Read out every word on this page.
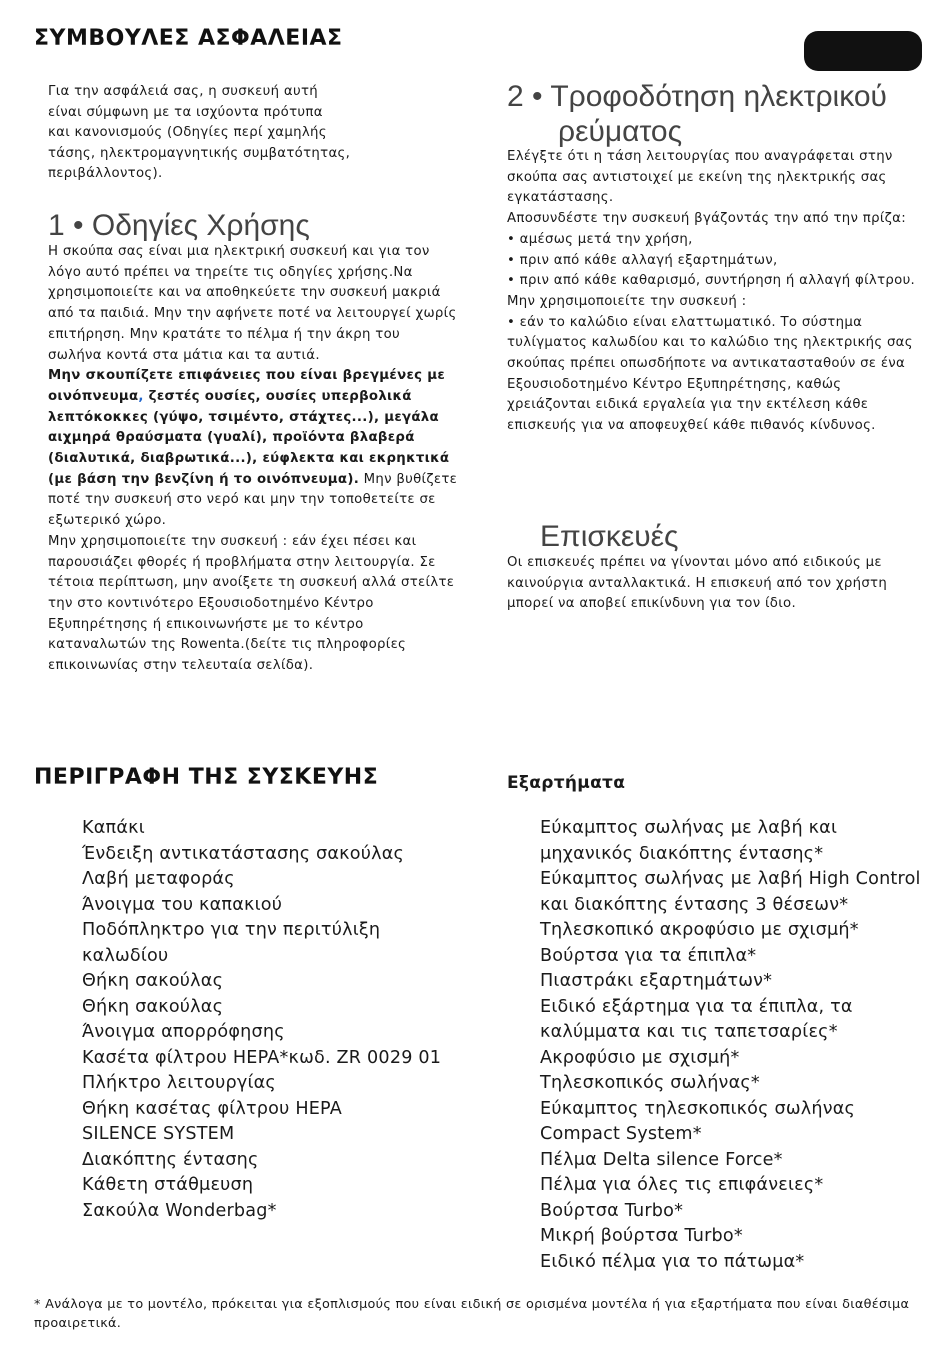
ΣΥΜΒΟΥΛΕΣ ΑΣΦΑΛΕΙΑΣ
Για την ασφάλειά σας, η συσκευή αυτή
είναι σύμφωνη με τα ισχύοντα πρότυπα
και κανονισμούς (Οδηγίες περί χαμηλής
τάσης, ηλεκτρομαγνητικής συμβατότητας,
περιβάλλοντος).
1 • Οδηγίες Χρήσης

Η σκούπα σας είναι μια ηλεκτρική συσκευή και για τον λόγο αυτό πρέπει να τηρείτε τις οδηγίες χρήσης.Να χρησιμοποιείτε και να αποθηκεύετε την συσκευή μακριά από τα παιδιά. Μην την αφήνετε ποτέ να λειτουργεί χωρίς επιτήρηση. Μην κρατάτε το πέλμα ή την άκρη του σωλήνα κοντά στα μάτια και τα αυτιά.

Μην σκουπίζετε επιφάνειες που είναι βρεγμένες με οινόπνευμα, ζεστές ουσίες, ουσίες υπερβολικά λεπτόκοκκες (γύψο, τσιμέντο, στάχτες...), μεγάλα αιχμηρά θραύσματα (γυαλί), προϊόντα βλαβερά (διαλυτικά, διαβρωτικά...), εύφλεκτα και εκρηκτικά (με βάση την βενζίνη ή το οινόπνευμα). Μην βυθίζετε ποτέ την συσκευή στο νερό και μην την τοποθετείτε σε εξωτερικό χώρο.

Μην χρησιμοποιείτε την συσκευή : εάν έχει πέσει και παρουσιάζει φθορές ή προβλήματα στην λειτουργία. Σε τέτοια περίπτωση, μην ανοίξετε τη συσκευή αλλά στείλτε την στο κοντινότερο Εξουσιοδοτημένο Κέντρο Εξυπηρέτησης ή επικοινωνήστε με το κέντρο καταναλωτών της Rowenta.(δείτε τις πληροφορίες επικοινωνίας στην τελευταία σελίδα).

2 • Τροφοδότηση ηλεκτρικού
ρεύματος

Ελέγξτε ότι η τάση λειτουργίας που αναγράφεται στην σκούπα σας αντιστοιχεί με εκείνη της ηλεκτρικής σας εγκατάστασης.

Αποσυνδέστε την συσκευή βγάζοντάς την από την πρίζα:

• αμέσως μετά την χρήση,

• πριν από κάθε αλλαγή εξαρτημάτων,

• πριν από κάθε καθαρισμό, συντήρηση ή αλλαγή φίλτρου.

Μην χρησιμοποιείτε την συσκευή :

• εάν το καλώδιο είναι ελαττωματικό. Το σύστημα τυλίγματος καλωδίου και το καλώδιο της ηλεκτρικής σας σκούπας πρέπει οπωσδήποτε να αντικατασταθούν σε ένα Εξουσιοδοτημένο Κέντρο Εξυπηρέτησης, καθώς χρειάζονται ειδικά εργαλεία για την εκτέλεση κάθε επισκευής για να αποφευχθεί κάθε πιθανός κίνδυνος.

Επισκευές
Οι επισκευές πρέπει να γίνονται μόνο από ειδικούς με καινούργια ανταλλακτικά. Η επισκευή από τον χρήστη μπορεί να αποβεί επικίνδυνη για τον ίδιο.
ΠΕΡΙΓΡΑΦΗ ΤΗΣ ΣΥΣΚΕΥΗΣ
Καπάκι
Ένδειξη αντικατάστασης σακούλας
Λαβή μεταφοράς
Άνοιγμα του καπακιού
Ποδόπληκτρο για την περιτύλιξη
καλωδίου
Θήκη σακούλας
Θήκη σακούλας
Άνοιγμα απορρόφησης
Κασέτα φίλτρου HEPA*κωδ. ZR 0029 01
Πλήκτρο λειτουργίας
Θήκη κασέτας φίλτρου HEPA
SILENCE SYSTEM
Διακόπτης έντασης
Κάθετη στάθμευση
Σακούλα Wonderbag*
Εξαρτήματα
Εύκαμπτος σωλήνας με λαβή και
μηχανικός διακόπτης έντασης*
Εύκαμπτος σωλήνας με λαβή High Control
και διακόπτης έντασης 3 θέσεων*
Τηλεσκοπικό ακροφύσιο με σχισμή*
Βούρτσα για τα έπιπλα*
Πιαστράκι εξαρτημάτων*
Ειδικό εξάρτημα για τα έπιπλα, τα
καλύμματα και τις ταπετσαρίες*
Ακροφύσιο με σχισμή*
Τηλεσκοπικός σωλήνας*
Εύκαμπτος τηλεσκοπικός σωλήνας
Compact System*
Πέλμα Delta silence Force*
Πέλμα για όλες τις επιφάνειες*
Βούρτσα Turbo*
Μικρή βούρτσα Turbo*
Ειδικό πέλμα για το πάτωμα*
* Ανάλογα με το μοντέλο, πρόκειται για εξοπλισμούς που είναι ειδική σε ορισμένα μοντέλα ή για εξαρτήματα που είναι διαθέσιμα προαιρετικά.
